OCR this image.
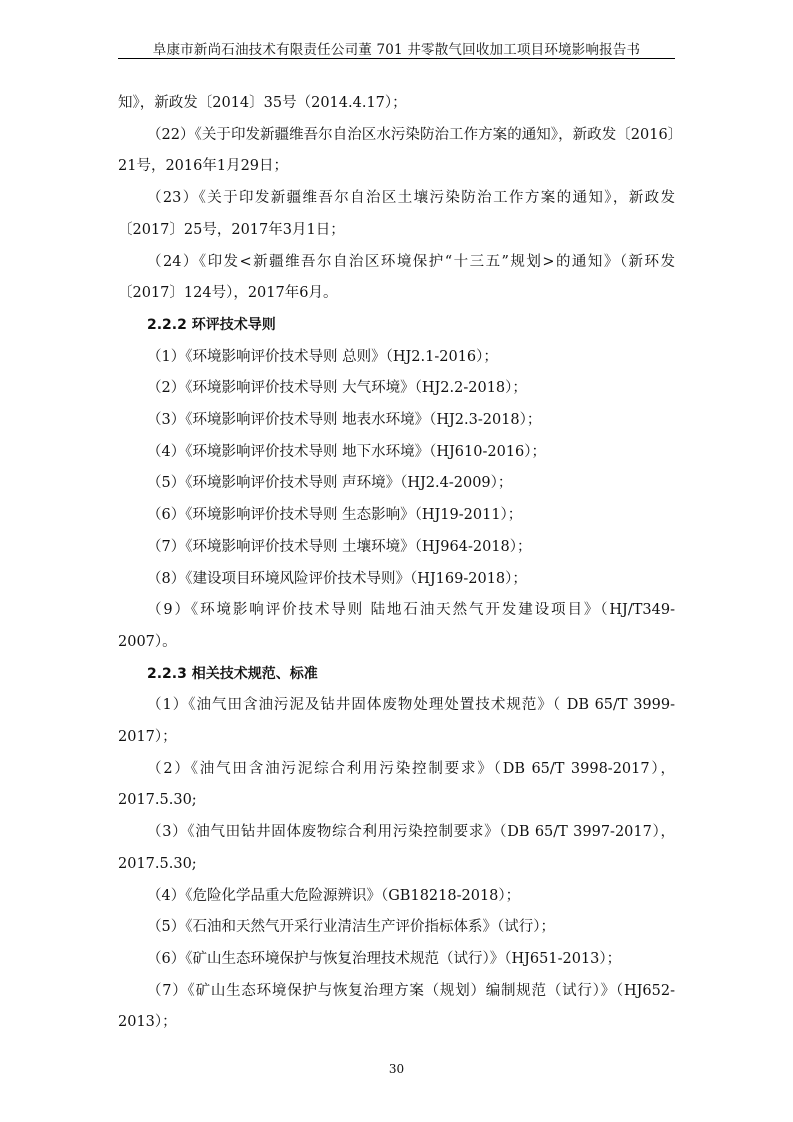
阜康市新尚石油技术有限责任公司董 701 井零散气回收加工项目环境影响报告书

知》，新政发〔2014〕35号（2014.4.17）；

（22）《关于印发新疆维吾尔自治区水污染防治工作方案的通知》，新政发〔2016〕21号，2016年1月29日；

（23）《关于印发新疆维吾尔自治区土壤污染防治工作方案的通知》，新政发〔2017〕25号，2017年3月1日；

（24）《印发<新疆维吾尔自治区环境保护“十三五”规划>的通知》（新环发〔2017〕124号），2017年6月。

2.2.2 环评技术导则

（1）《环境影响评价技术导则 总则》（HJ2.1-2016）；

（2）《环境影响评价技术导则 大气环境》（HJ2.2-2018）；

（3）《环境影响评价技术导则 地表水环境》（HJ2.3-2018）；

（4）《环境影响评价技术导则 地下水环境》（HJ610-2016）；

（5）《环境影响评价技术导则 声环境》（HJ2.4-2009）；

（6）《环境影响评价技术导则 生态影响》（HJ19-2011）；

（7）《环境影响评价技术导则 土壤环境》（HJ964-2018）；

（8）《建设项目环境风险评价技术导则》（HJ169-2018）；

（9）《环境影响评价技术导则 陆地石油天然气开发建设项目》（HJ/T349-2007）。

2.2.3 相关技术规范、标准

（1）《油气田含油污泥及钻井固体废物处理处置技术规范》（ DB 65/T 3999-2017）；

（2）《油气田含油污泥综合利用污染控制要求》（DB 65/T 3998-2017），2017.5.30;

（3）《油气田钻井固体废物综合利用污染控制要求》（DB 65/T 3997-2017）， 2017.5.30;

（4）《危险化学品重大危险源辨识》（GB18218-2018）；

（5）《石油和天然气开采行业清洁生产评价指标体系》（试行）；

（6）《矿山生态环境保护与恢复治理技术规范（试行）》（HJ651-2013）；

（7）《矿山生态环境保护与恢复治理方案（规划）编制规范（试行）》（HJ652-2013）；

30
